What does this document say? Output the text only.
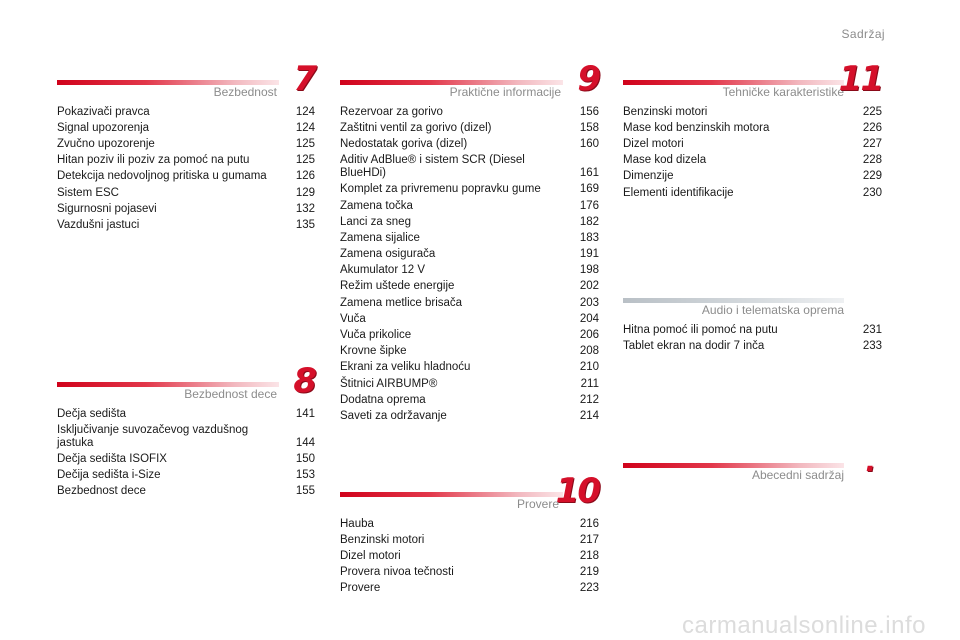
Sadržaj
Bezbednost 7
Pokazivači pravca	124
Signal upozorenja	124
Zvučno upozorenje	125
Hitan poziv ili poziv za pomoć na putu	125
Detekcija nedovoljnog pritiska u gumama	126
Sistem ESC	129
Sigurnosni pojasevi	132
Vazdušni jastuci	135
Bezbednost dece 8
Dečja sedišta	141
Isključivanje suvozačevog vazdušnog jastuka	144
Dečja sedišta ISOFIX	150
Dečija sedišta i-Size	153
Bezbednost dece	155
Praktične informacije 9
Rezervoar za gorivo	156
Zaštitni ventil za gorivo (dizel)	158
Nedostatak goriva (dizel)	160
Aditiv AdBlue® i sistem SCR (Diesel BlueHDi)	161
Komplet za privremenu popravku gume	169
Zamena točka	176
Lanci za sneg	182
Zamena sijalice	183
Zamena osigurača	191
Akumulator 12 V	198
Režim uštede energije	202
Zamena metlice brisača	203
Vuča	204
Vuča prikolice	206
Krovne šipke	208
Ekrani za veliku hladnoću	210
Štitnici AIRBUMP®	211
Dodatna oprema	212
Saveti za održavanje	214
Provere
10
Hauba	216
Benzinski motori	217
Dizel motori	218
Provera nivoa tečnosti	219
Provere	223
Tehničke karakteristike
11
Benzinski motori	225
Mase kod benzinskih motora	226
Dizel motori	227
Mase kod dizela	228
Dimenzije	229
Elementi identifikacije	230
Audio i telematska oprema
Hitna pomoć ili pomoć na putu	231
Tablet ekran na dodir 7 inča	233
Abecedni sadržaj .
carmanualsonline.info
